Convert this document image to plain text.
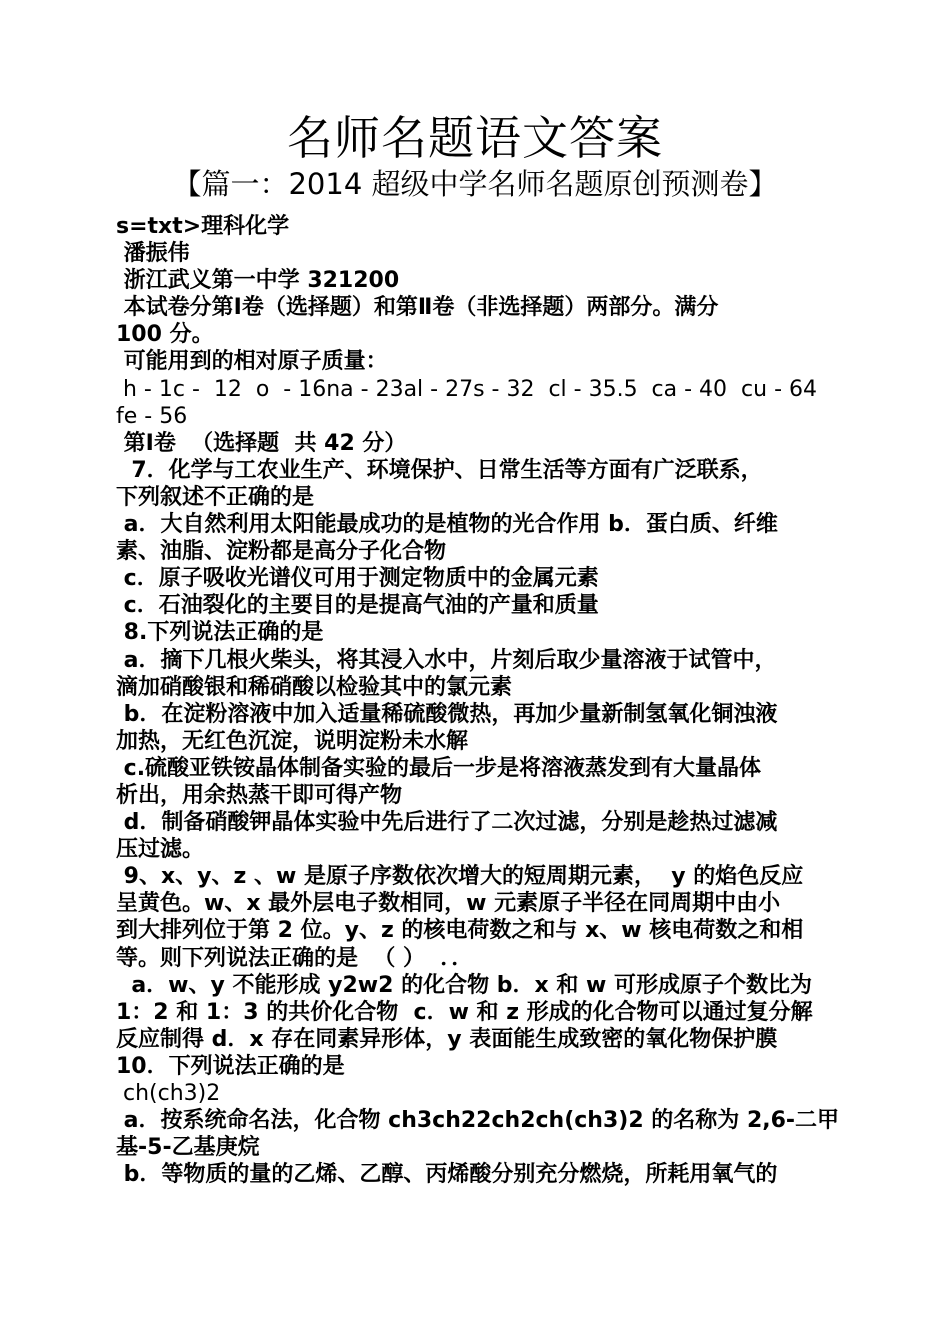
名师名题语文答案
【篇一：2014 超级中学名师名题原创预测卷】
s=txt>理科化学
潘振伟
浙江武义第一中学 321200
本试卷分第Ⅰ卷（选择题）和第Ⅱ卷（非选择题）两部分。满分
100 分。
可能用到的相对原子质量：
h - 1c -  12  o  - 16na - 23al - 27s - 32  cl - 35.5  ca - 40  cu - 64
fe - 56
第Ⅰ卷  （选择题  共 42 分）
7．化学与工农业生产、环境保护、日常生活等方面有广泛联系，
下列叙述不正确的是
a．大自然利用太阳能最成功的是植物的光合作用 b．蛋白质、纤维
素、油脂、淀粉都是高分子化合物
c．原子吸收光谱仪可用于测定物质中的金属元素
c．石油裂化的主要目的是提高气油的产量和质量
8.下列说法正确的是
a．摘下几根火柴头，将其浸入水中，片刻后取少量溶液于试管中，
滴加硝酸银和稀硝酸以检验其中的氯元素
b．在淀粉溶液中加入适量稀硫酸微热，再加少量新制氢氧化铜浊液
加热，无红色沉淀，说明淀粉未水解
c.硫酸亚铁铵晶体制备实验的最后一步是将溶液蒸发到有大量晶体
析出，用余热蒸干即可得产物
d．制备硝酸钾晶体实验中先后进行了二次过滤，分别是趁热过滤减
压过滤。
9、x、y、z 、w 是原子序数依次增大的短周期元素，  y 的焰色反应
呈黄色。w、x 最外层电子数相同，w 元素原子半径在同周期中由小
到大排列位于第 2 位。y、z 的核电荷数之和与 x、w 核电荷数之和相
等。则下列说法正确的是  （ ）  ．．
a．w、y 不能形成 y2w2 的化合物 b．x 和 w 可形成原子个数比为
1：2 和 1：3 的共价化合物  c．w 和 z 形成的化合物可以通过复分解
反应制得 d．x 存在同素异形体，y 表面能生成致密的氧化物保护膜
10．下列说法正确的是
ch(ch3)2
a．按系统命名法，化合物 ch3ch22ch2ch(ch3)2 的名称为 2,6-二甲
基-5-乙基庚烷
b．等物质的量的乙烯、乙醇、丙烯酸分别充分燃烧，所耗用氧气的
